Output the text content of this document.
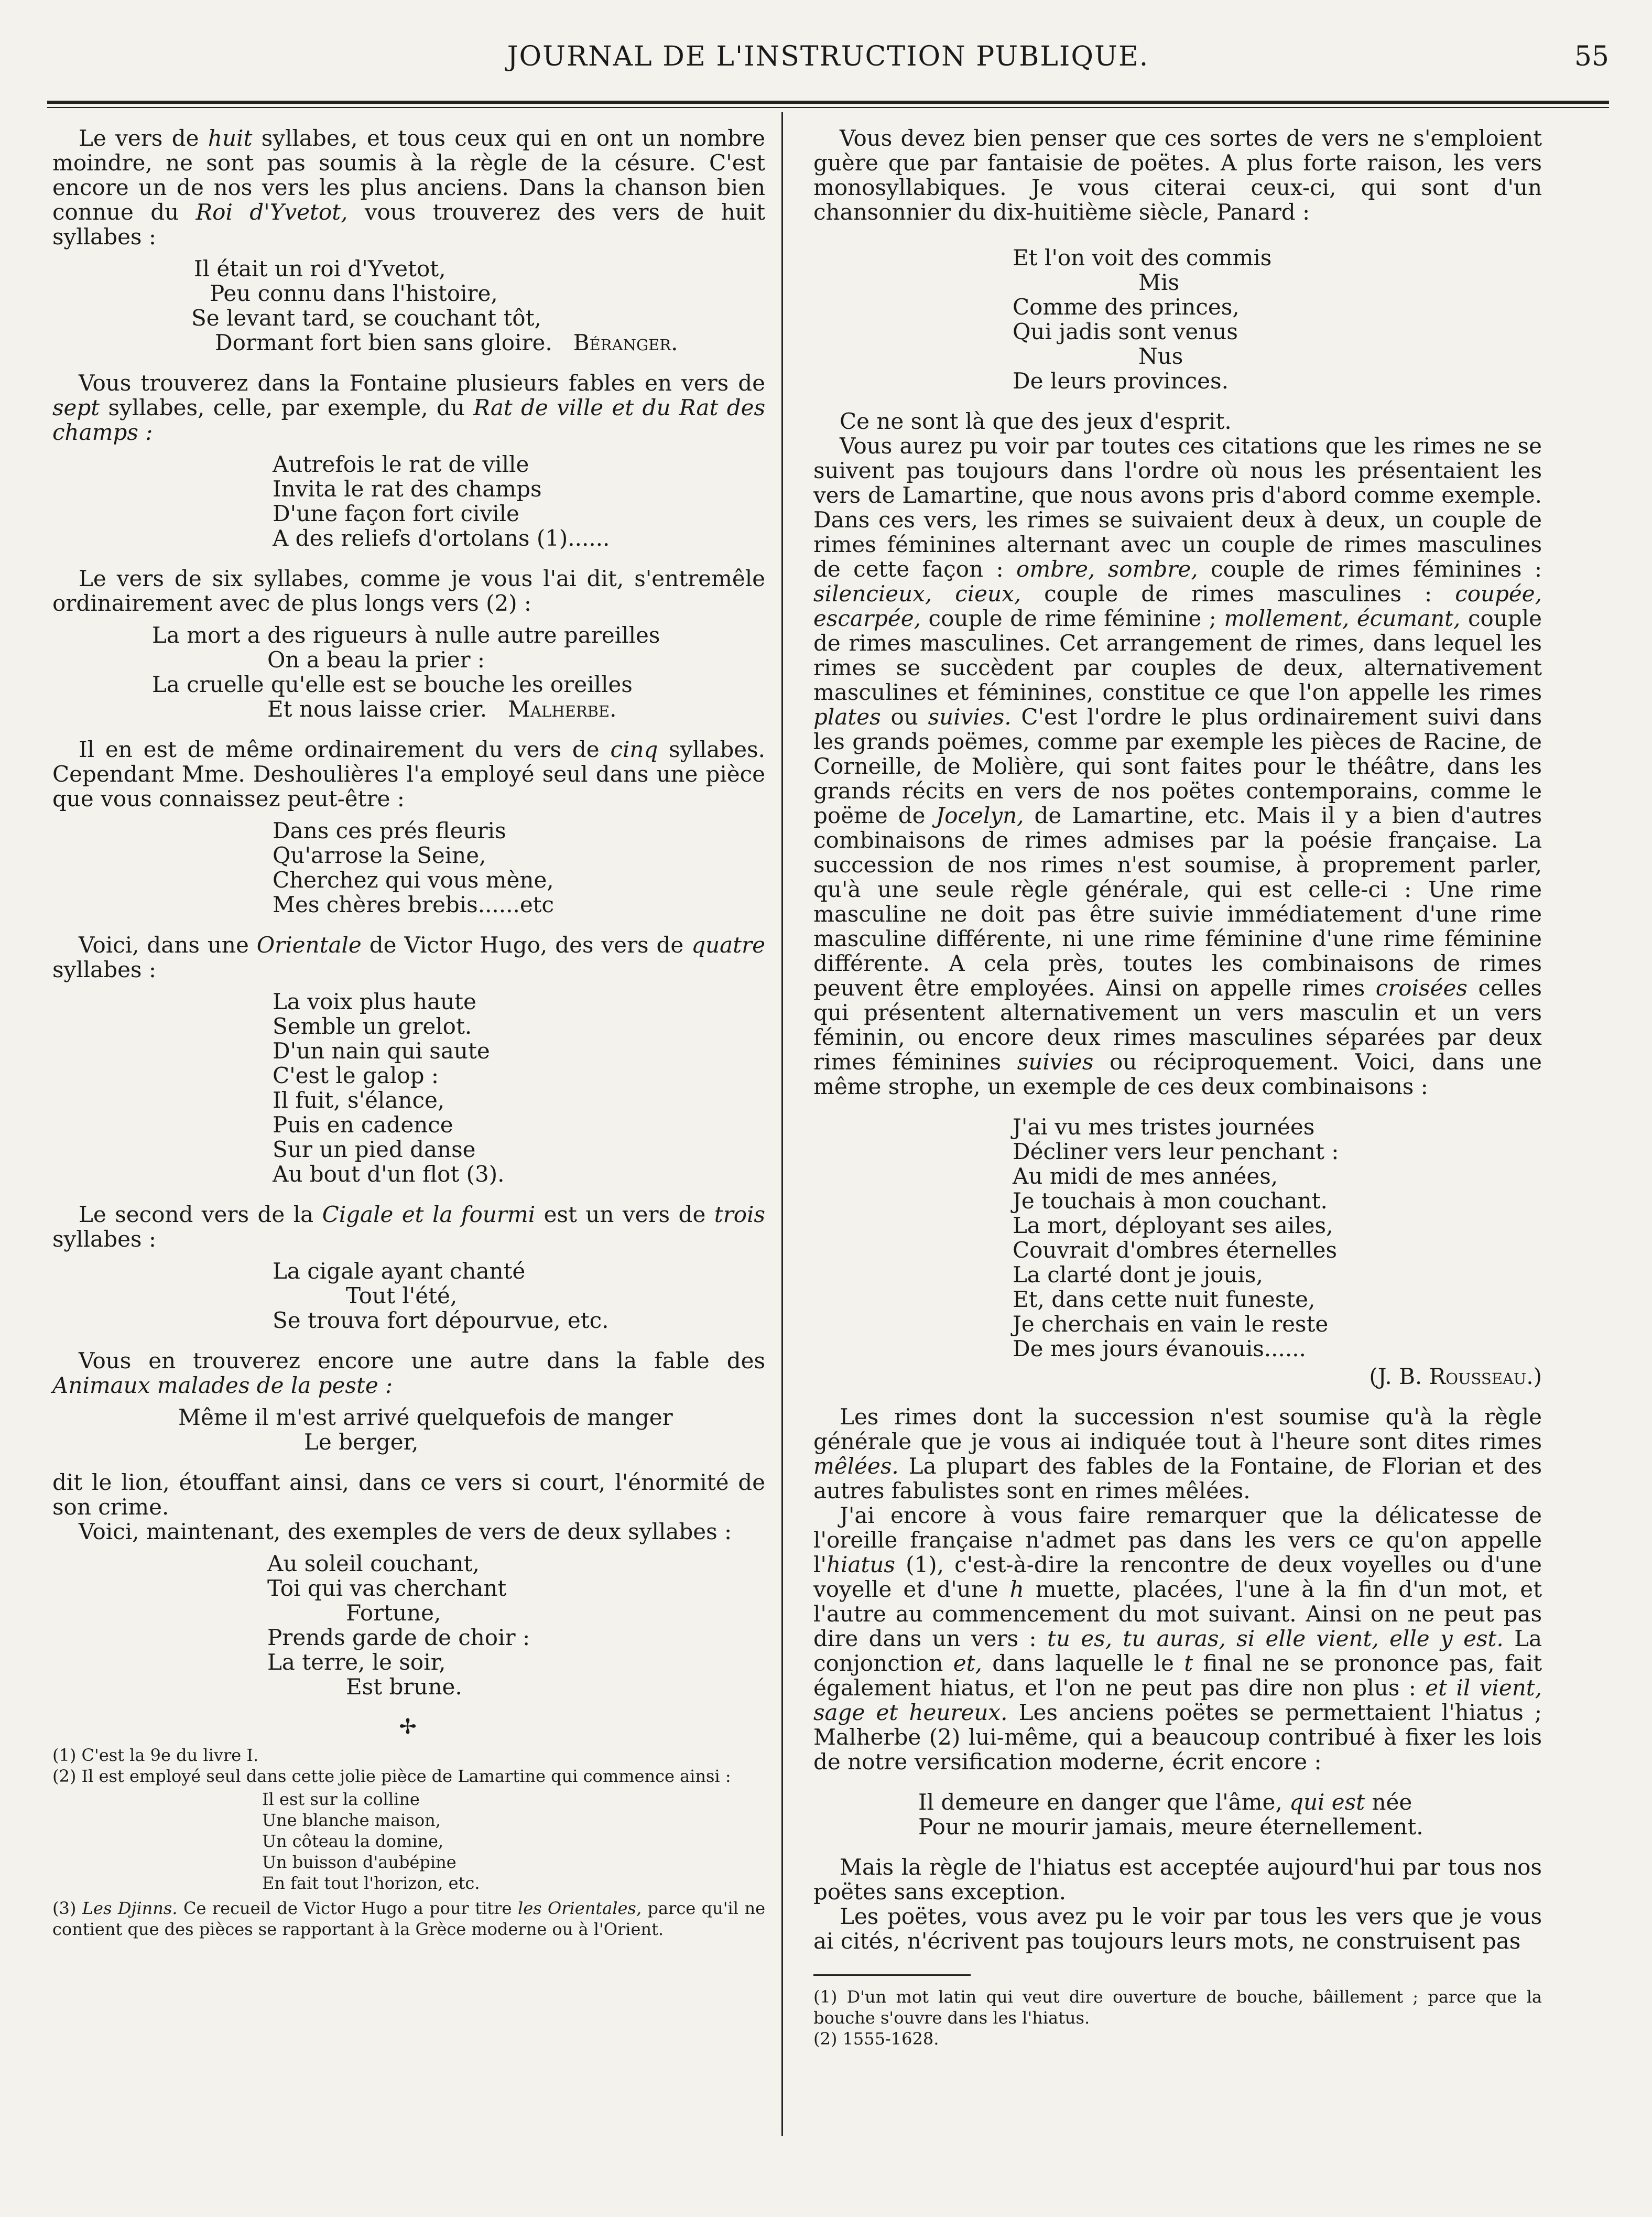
JOURNAL DE L'INSTRUCTION PUBLIQUE.	55

Le vers de huit syllabes, et tous ceux qui en ont un nombre moindre, ne sont pas soumis à la règle de la césure. C'est encore un de nos vers les plus anciens. Dans la chanson bien connue du Roi d'Yvetot, vous trouverez des vers de huit syllabes :

Il était un roi d'Yvetot,
Peu connu dans l'histoire,
Se levant tard, se couchant tôt,
Dormant fort bien sans gloire. Béranger.

Vous trouverez dans la Fontaine plusieurs fables en vers de sept syllabes, celle, par exemple, du Rat de ville et du Rat des champs :

Autrefois le rat de ville
Invita le rat des champs
D'une façon fort civile
A des reliefs d'ortolans (1)......

Le vers de six syllabes, comme je vous l'ai dit, s'entremêle ordinairement avec de plus longs vers (2) :

La mort a des rigueurs à nulle autre pareilles
On a beau la prier :
La cruelle qu'elle est se bouche les oreilles
Et nous laisse crier. Malherbe.

Il en est de même ordinairement du vers de cinq syllabes. Cependant Mme. Deshoulières l'a employé seul dans une pièce que vous connaissez peut-être :

Dans ces prés fleuris
Qu'arrose la Seine,
Cherchez qui vous mène,
Mes chères brebis......etc

Voici, dans une Orientale de Victor Hugo, des vers de quatre syllabes :

La voix plus haute
Semble un grelot.
D'un nain qui saute
C'est le galop :
Il fuit, s'élance,
Puis en cadence
Sur un pied danse
Au bout d'un flot (3).

Le second vers de la Cigale et la fourmi est un vers de trois syllabes :

La cigale ayant chanté
Tout l'été,
Se trouva fort dépourvue, etc.

Vous en trouverez encore une autre dans la fable des Animaux malades de la peste :

Même il m'est arrivé quelquefois de manger
Le berger,

dit le lion, étouffant ainsi, dans ce vers si court, l'énormité de son crime.

Voici, maintenant, des exemples de vers de deux syllabes :

Au soleil couchant,
Toi qui vas cherchant
Fortune,
Prends garde de choir :
La terre, le soir,
Est brune.
✢

(1) C'est la 9e du livre I.

(2) Il est employé seul dans cette jolie pièce de Lamartine qui commence ainsi :

Il est sur la colline
Une blanche maison,
Un côteau la domine,
Un buisson d'aubépine
En fait tout l'horizon, etc.

(3) Les Djinns. Ce recueil de Victor Hugo a pour titre les Orientales, parce qu'il ne contient que des pièces se rapportant à la Grèce moderne ou à l'Orient.

Vous devez bien penser que ces sortes de vers ne s'emploient guère que par fantaisie de poëtes. A plus forte raison, les vers monosyllabiques. Je vous citerai ceux-ci, qui sont d'un chansonnier du dix-huitième siècle, Panard :

Et l'on voit des commis
Mis
Comme des princes,
Qui jadis sont venus
Nus
De leurs provinces.

Ce ne sont là que des jeux d'esprit.

Vous aurez pu voir par toutes ces citations que les rimes ne se suivent pas toujours dans l'ordre où nous les présentaient les vers de Lamartine, que nous avons pris d'abord comme exemple. Dans ces vers, les rimes se suivaient deux à deux, un couple de rimes féminines alternant avec un couple de rimes masculines de cette façon : ombre, sombre, couple de rimes féminines : silencieux, cieux, couple de rimes masculines : coupée, escarpée, couple de rime féminine ; mollement, écumant, couple de rimes masculines. Cet arrangement de rimes, dans lequel les rimes se succèdent par couples de deux, alternativement masculines et féminines, constitue ce que l'on appelle les rimes plates ou suivies. C'est l'ordre le plus ordinairement suivi dans les grands poëmes, comme par exemple les pièces de Racine, de Corneille, de Molière, qui sont faites pour le théâtre, dans les grands récits en vers de nos poëtes contemporains, comme le poëme de Jocelyn, de Lamartine, etc. Mais il y a bien d'autres combinaisons de rimes admises par la poésie française. La succession de nos rimes n'est soumise, à proprement parler, qu'à une seule règle générale, qui est celle-ci : Une rime masculine ne doit pas être suivie immédiatement d'une rime masculine différente, ni une rime féminine d'une rime féminine différente. A cela près, toutes les combinaisons de rimes peuvent être employées. Ainsi on appelle rimes croisées celles qui présentent alternativement un vers masculin et un vers féminin, ou encore deux rimes masculines séparées par deux rimes féminines suivies ou réciproquement. Voici, dans une même strophe, un exemple de ces deux combinaisons :

J'ai vu mes tristes journées
Décliner vers leur penchant :
Au midi de mes années,
Je touchais à mon couchant.
La mort, déployant ses ailes,
Couvrait d'ombres éternelles
La clarté dont je jouis,
Et, dans cette nuit funeste,
Je cherchais en vain le reste
De mes jours évanouis......
(J. B. Rousseau.)

Les rimes dont la succession n'est soumise qu'à la règle générale que je vous ai indiquée tout à l'heure sont dites rimes mêlées. La plupart des fables de la Fontaine, de Florian et des autres fabulistes sont en rimes mêlées.

J'ai encore à vous faire remarquer que la délicatesse de l'oreille française n'admet pas dans les vers ce qu'on appelle l'hiatus (1), c'est-à-dire la rencontre de deux voyelles ou d'une voyelle et d'une h muette, placées, l'une à la fin d'un mot, et l'autre au commencement du mot suivant. Ainsi on ne peut pas dire dans un vers : tu es, tu auras, si elle vient, elle y est. La conjonction et, dans laquelle le t final ne se prononce pas, fait également hiatus, et l'on ne peut pas dire non plus : et il vient, sage et heureux. Les anciens poëtes se permettaient l'hiatus ; Malherbe (2) lui-même, qui a beaucoup contribué à fixer les lois de notre versification moderne, écrit encore :

Il demeure en danger que l'âme, qui est née
Pour ne mourir jamais, meure éternellement.

Mais la règle de l'hiatus est acceptée aujourd'hui par tous nos poëtes sans exception.

Les poëtes, vous avez pu le voir par tous les vers que je vous ai cités, n'écrivent pas toujours leurs mots, ne construisent pas

(1) D'un mot latin qui veut dire ouverture de bouche, bâillement ; parce que la bouche s'ouvre dans les l'hiatus.

(2) 1555-1628.
